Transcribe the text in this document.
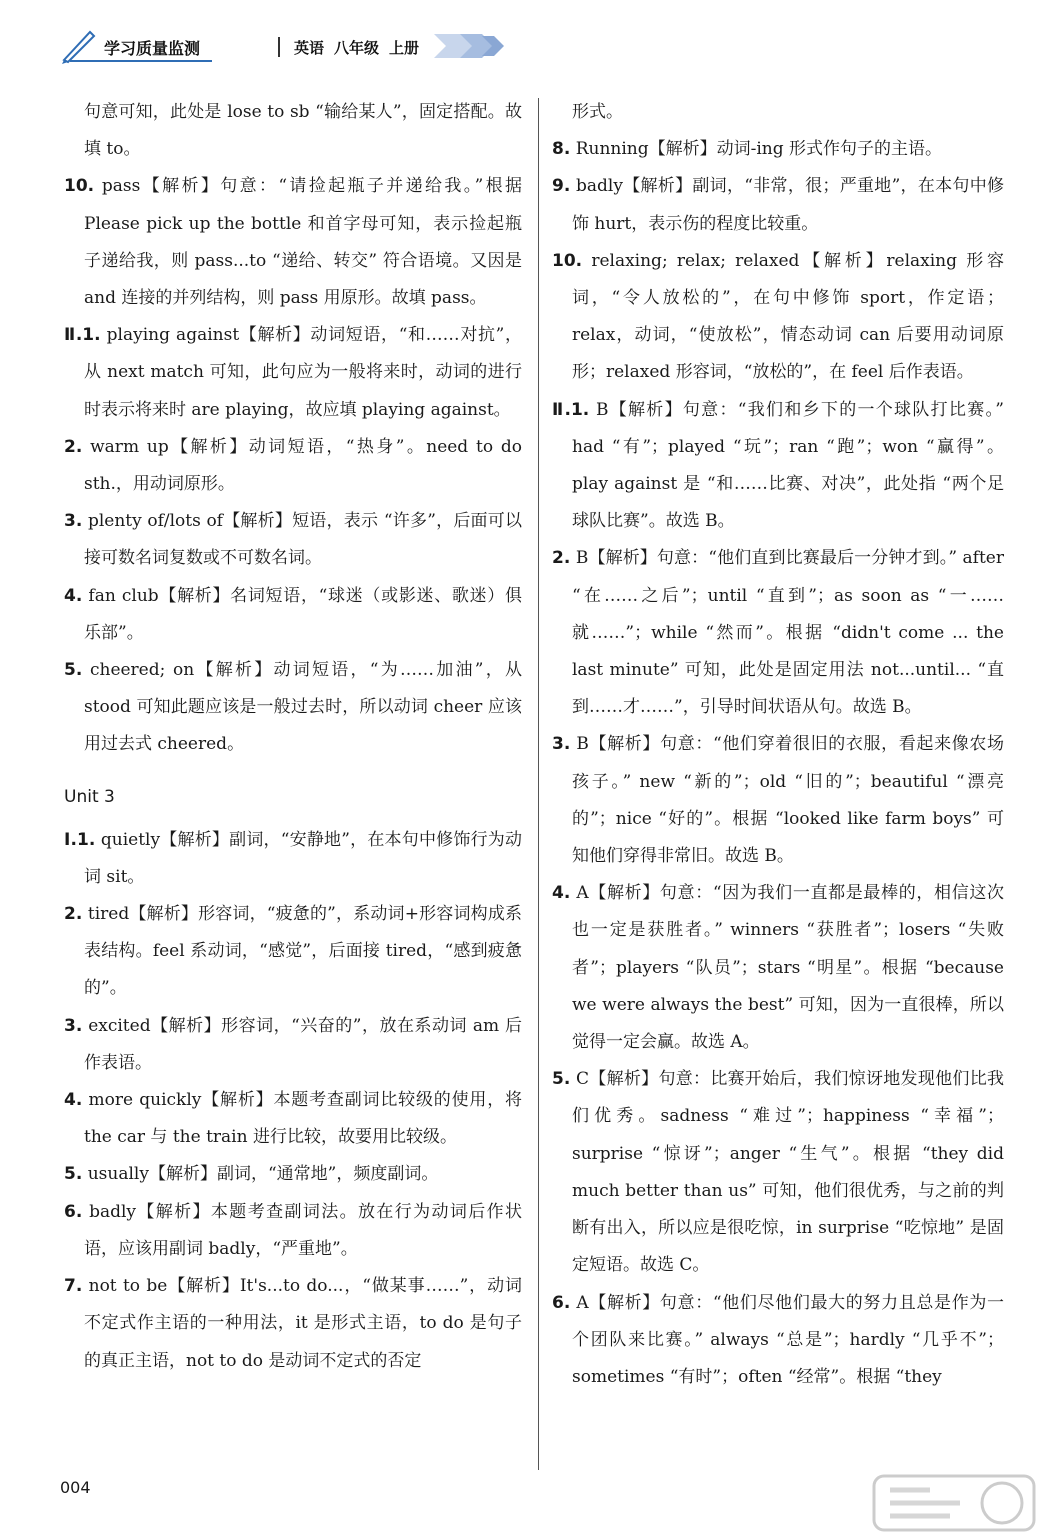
学习质量监测	英语 八年级 上册

句意可知，此处是 lose to sb “输给某人”，固定搭配。故填 to。

10. pass【解析】句意：“请捡起瓶子并递给我。”根据 Please pick up the bottle 和首字母可知，表示捡起瓶子递给我，则 pass...to “递给、转交” 符合语境。又因是 and 连接的并列结构，则 pass 用原形。故填 pass。

Ⅱ.1. playing against【解析】动词短语，“和……对抗”，从 next match 可知，此句应为一般将来时，动词的进行时表示将来时 are playing，故应填 playing against。

2. warm up【解析】动词短语，“热身”。need to do sth.，用动词原形。

3. plenty of/lots of【解析】短语，表示 “许多”，后面可以接可数名词复数或不可数名词。

4. fan club【解析】名词短语，“球迷（或影迷、歌迷）俱乐部”。

5. cheered; on【解析】动词短语，“为……加油”，从 stood 可知此题应该是一般过去时，所以动词 cheer 应该用过去式 cheered。

Unit 3

Ⅰ.1. quietly【解析】副词，“安静地”，在本句中修饰行为动词 sit。

2. tired【解析】形容词，“疲惫的”，系动词+形容词构成系表结构。feel 系动词，“感觉”，后面接 tired，“感到疲惫的”。

3. excited【解析】形容词，“兴奋的”，放在系动词 am 后作表语。

4. more quickly【解析】本题考查副词比较级的使用，将 the car 与 the train 进行比较，故要用比较级。

5. usually【解析】副词，“通常地”，频度副词。

6. badly【解析】本题考查副词法。放在行为动词后作状语，应该用副词 badly，“严重地”。

7. not to be【解析】It's...to do...，“做某事……”，动词不定式作主语的一种用法，it 是形式主语，to do 是句子的真正主语，not to do 是动词不定式的否定

形式。

8. Running【解析】动词-ing 形式作句子的主语。

9. badly【解析】副词，“非常，很；严重地”，在本句中修饰 hurt，表示伤的程度比较重。

10. relaxing; relax; relaxed【解析】relaxing 形容词，“令人放松的”，在句中修饰 sport，作定语；relax，动词，“使放松”，情态动词 can 后要用动词原形；relaxed 形容词，“放松的”，在 feel 后作表语。

Ⅱ.1. B【解析】句意：“我们和乡下的一个球队打比赛。” had “有”；played “玩”；ran “跑”；won “赢得”。play against 是 “和……比赛、对决”，此处指 “两个足球队比赛”。故选 B。

2. B【解析】句意：“他们直到比赛最后一分钟才到。” after “在……之后”；until “直到”；as soon as “一……就……”；while “然而”。根据 “didn't come ... the last minute” 可知，此处是固定用法 not...until... “直到……才……”，引导时间状语从句。故选 B。

3. B【解析】句意：“他们穿着很旧的衣服，看起来像农场孩子。” new “新的”；old “旧的”；beautiful “漂亮的”；nice “好的”。根据 “looked like farm boys” 可知他们穿得非常旧。故选 B。

4. A【解析】句意：“因为我们一直都是最棒的，相信这次也一定是获胜者。” winners “获胜者”；losers “失败者”；players “队员”；stars “明星”。根据 “because we were always the best” 可知，因为一直很棒，所以觉得一定会赢。故选 A。

5. C【解析】句意：比赛开始后，我们惊讶地发现他们比我们优秀。sadness “难过”；happiness “幸福”；surprise “惊讶”；anger “生气”。根据 “they did much better than us” 可知，他们很优秀，与之前的判断有出入，所以应是很吃惊，in surprise “吃惊地” 是固定短语。故选 C。

6. A【解析】句意：“他们尽他们最大的努力且总是作为一个团队来比赛。” always “总是”；hardly “几乎不”；sometimes “有时”；often “经常”。根据 “they

004
